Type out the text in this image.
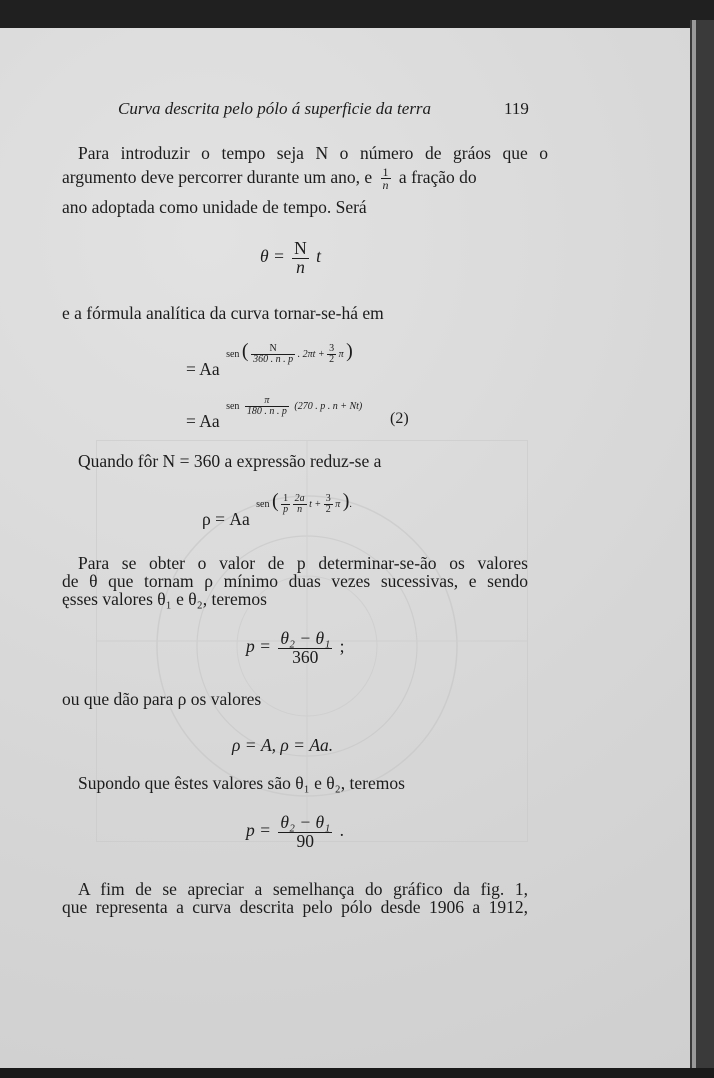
Curva descrita pelo pólo á superficie da terra	119
Para introduzir o tempo seja N o número de gráos que o
argumento deve percorrer durante um ano, e $\frac{1}{n}$ a fração do
ano adoptada como unidade de tempo. Será
$\theta = \frac{N}{n}$ t
e a fórmula analítica da curva tornar-se-há em
= Aa sen ( $\frac{N}{360 . n . p}$ . $2\pi t + \frac{3}{2}$ π )
= Aa sen $\frac{\pi}{180 . n . p} (270$ . p . n + Nt)
(2)
Quando fôr N = 360 a expressão reduz-se a
ρ = Aa sen ( $\frac{1}{p}$
$\frac{2a}{n}$ $t + \frac{3}{2}$ π ).
Para se obter o valor de p determinar-se-ão os valores
de θ que tornam ρ mínimo duas vezes sucessivas, e sendo
ęsses valores θ₁ e θ₂, teremos
$p = \frac{\text{θ₂ − θ₁}}{360}$ ;
ou que dão para ρ os valores
ρ = A, ρ = Aa.
Supondo que êstes valores são θ₁ e θ₂, teremos
$p = \frac{\text{θ₂ − θ₁}}{90}$ .
A fim de se apreciar a semelhança do gráfico da fig. 1,
que representa a curva descrita pelo pólo desde 1906 a 1912,
